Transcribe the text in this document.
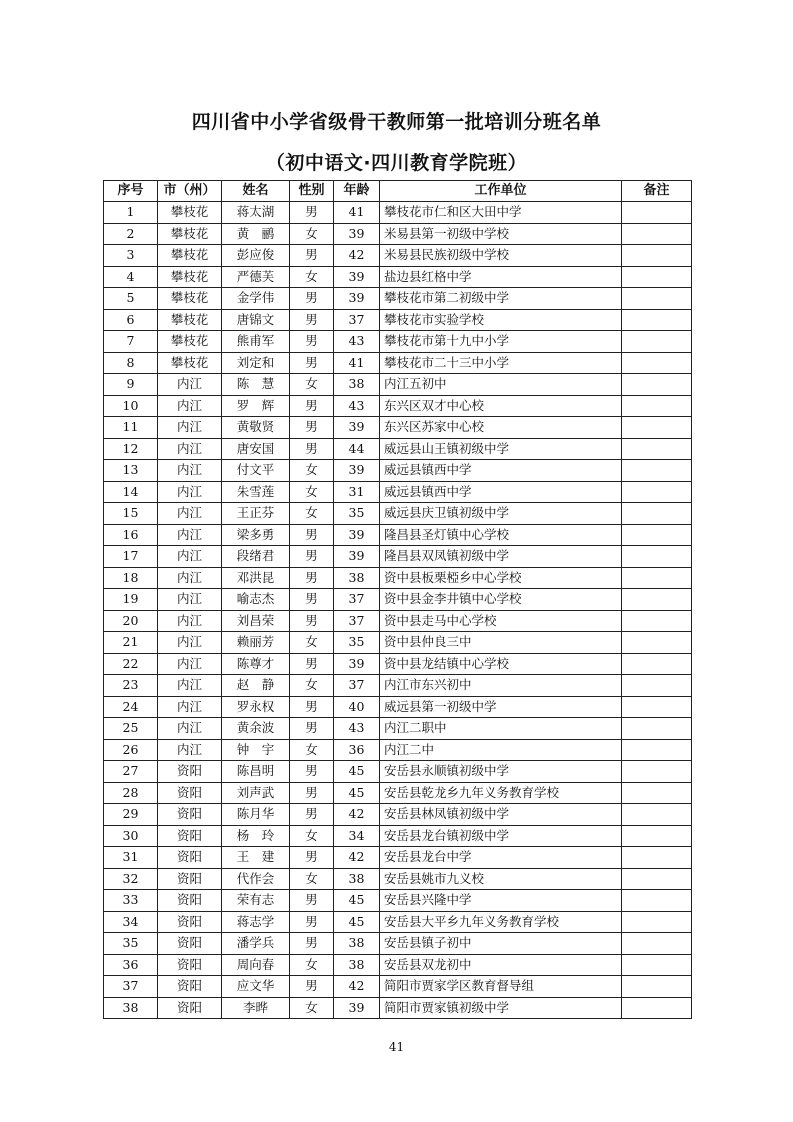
四川省中小学省级骨干教师第一批培训分班名单
（初中语文·四川教育学院班）
序号	市（州）	姓名	性别	年龄	工作单位	备注
1	攀枝花	蒋太湖	男	41	攀枝花市仁和区大田中学	
2	攀枝花	黄　鹂	女	39	米易县第一初级中学校	
3	攀枝花	彭应俊	男	42	米易县民族初级中学校	
4	攀枝花	严德芙	女	39	盐边县红格中学	
5	攀枝花	金学伟	男	39	攀枝花市第二初级中学	
6	攀枝花	唐锦文	男	37	攀枝花市实验学校	
7	攀枝花	熊甫军	男	43	攀枝花市第十九中小学	
8	攀枝花	刘定和	男	41	攀枝花市二十三中小学	
9	内江	陈　慧	女	38	内江五初中	
10	内江	罗　辉	男	43	东兴区双才中心校	
11	内江	黄敬贤	男	39	东兴区苏家中心校	
12	内江	唐安国	男	44	威远县山王镇初级中学	
13	内江	付文平	女	39	威远县镇西中学	
14	内江	朱雪莲	女	31	威远县镇西中学	
15	内江	王正芬	女	35	威远县庆卫镇初级中学	
16	内江	梁多勇	男	39	隆昌县圣灯镇中心学校	
17	内江	段绪君	男	39	隆昌县双凤镇初级中学	
18	内江	邓洪昆	男	38	资中县板栗椏乡中心学校	
19	内江	喻志杰	男	37	资中县金李井镇中心学校	
20	内江	刘昌荣	男	37	资中县走马中心学校	
21	内江	赖丽芳	女	35	资中县仲良三中	
22	内江	陈尊才	男	39	资中县龙结镇中心学校	
23	内江	赵　静	女	37	内江市东兴初中	
24	内江	罗永权	男	40	威远县第一初级中学	
25	内江	黄余波	男	43	内江二职中	
26	内江	钟　宇	女	36	内江二中	
27	资阳	陈昌明	男	45	安岳县永顺镇初级中学	
28	资阳	刘声武	男	45	安岳县乾龙乡九年义务教育学校	
29	资阳	陈月华	男	42	安岳县林凤镇初级中学	
30	资阳	杨　玲	女	34	安岳县龙台镇初级中学	
31	资阳	王　建	男	42	安岳县龙台中学	
32	资阳	代作会	女	38	安岳县姚市九义校	
33	资阳	荣有志	男	45	安岳县兴隆中学	
34	资阳	蒋志学	男	45	安岳县大平乡九年义务教育学校	
35	资阳	潘学兵	男	38	安岳县镇子初中	
36	资阳	周向春	女	38	安岳县双龙初中	
37	资阳	应文华	男	42	简阳市贾家学区教育督导组	
38	资阳	李晔	女	39	简阳市贾家镇初级中学	
41
